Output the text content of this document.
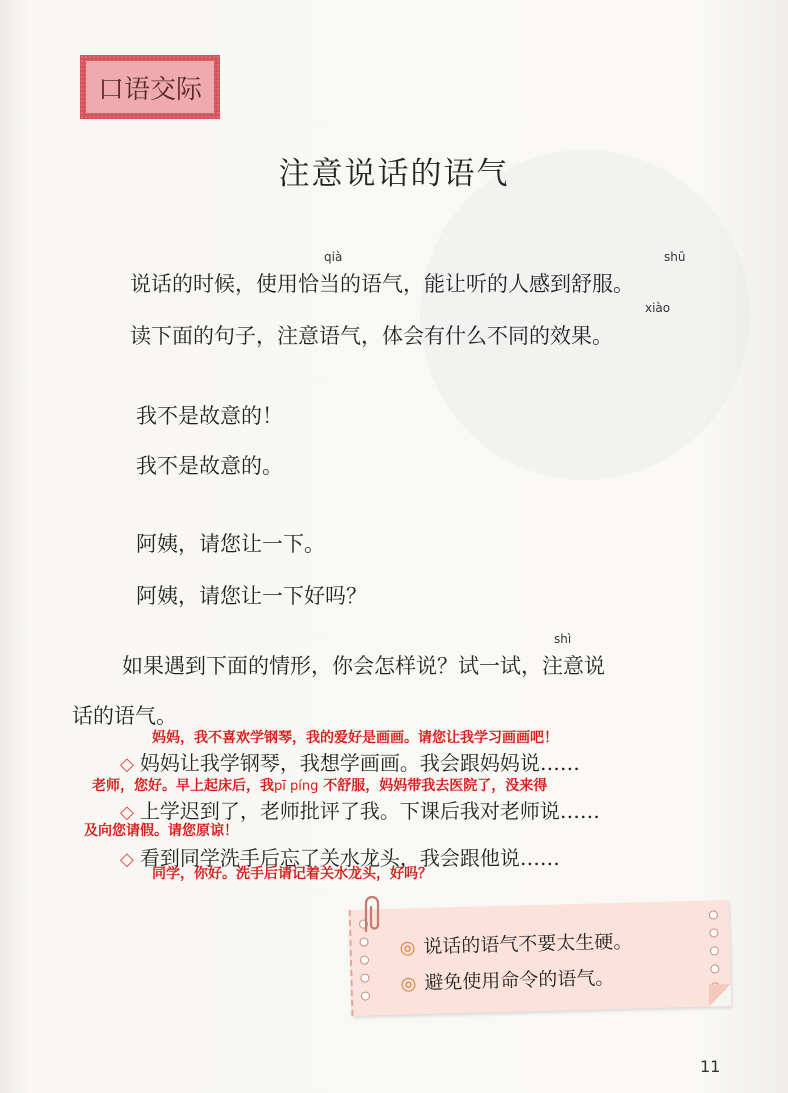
口语交际
注意说话的语气
qià	shū
xiào
shì
说话的时候，使用恰当的语气，能让听的人感到舒服。
读下面的句子，注意语气，体会有什么不同的效果。
我不是故意的！
我不是故意的。
阿姨，请您让一下。
阿姨，请您让一下好吗？
如果遇到下面的情形，你会怎样说？试一试，注意说
话的语气。
妈妈，我不喜欢学钢琴，我的爱好是画画。请您让我学习画画吧！
◇ 妈妈让我学钢琴，我想学画画。我会跟妈妈说……
老师，您好。早上起床后，我pī píng 不舒服，妈妈带我去医院了，没来得
◇ 上学迟到了，老师批评了我。下课后我对老师说……
及向您请假。请您原谅！
◇ 看到同学洗手后忘了关水龙头，我会跟他说……
同学，你好。洗手后请记着关水龙头，好吗？
◎ 说话的语气不要太生硬。
◎ 避免使用命令的语气。
11
